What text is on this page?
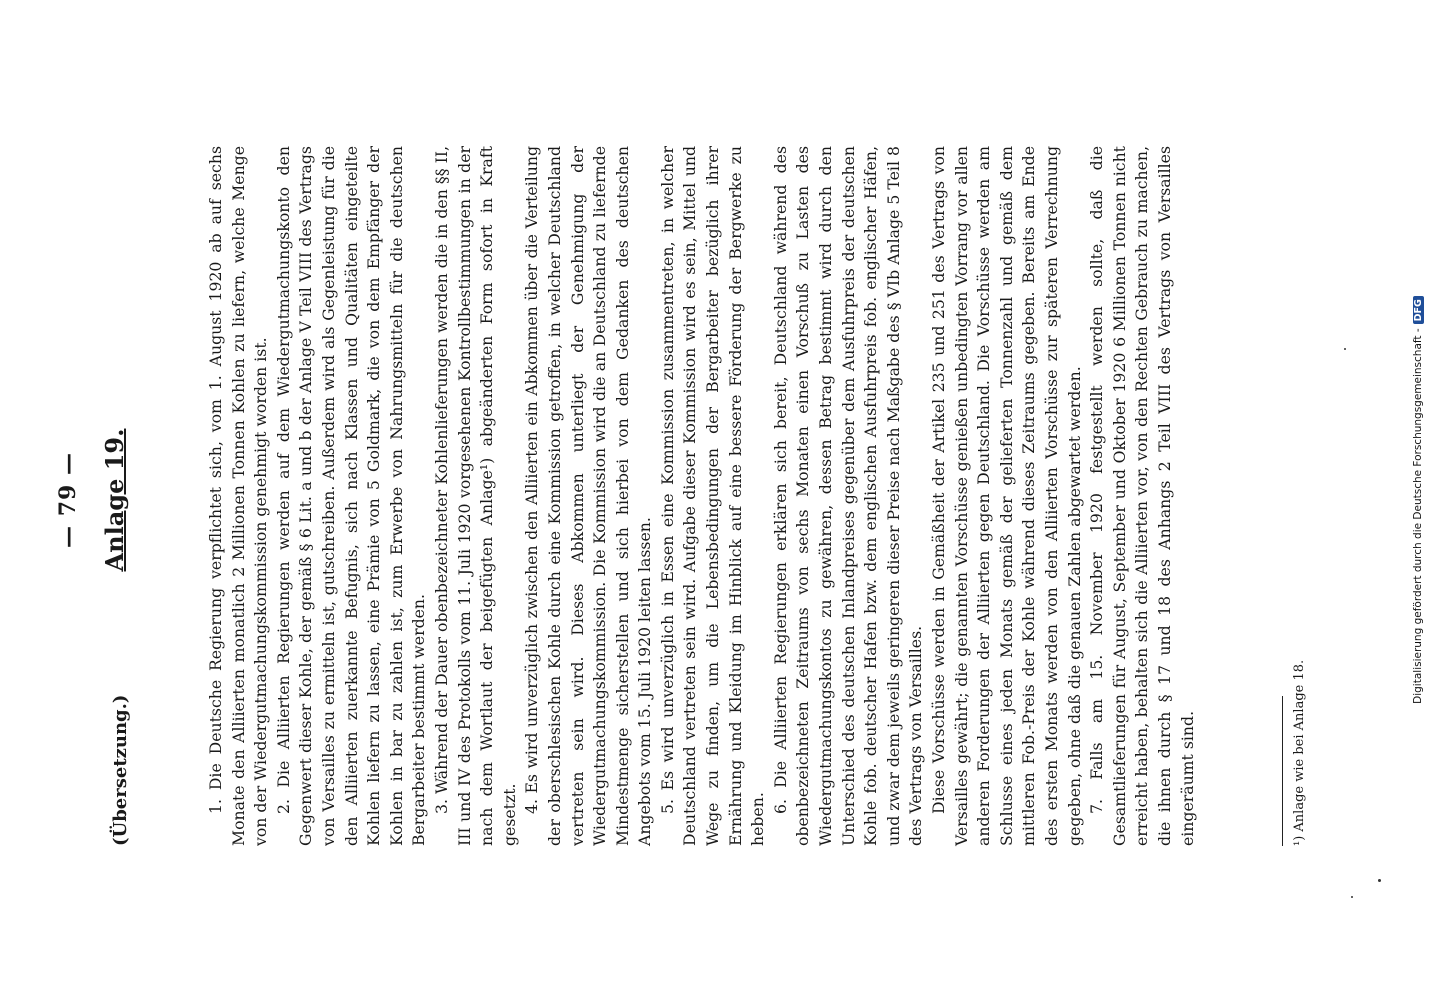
— 79 —
(Übersetzung.)
Anlage 19.	1. Die Deutsche Regierung verpflichtet sich, vom 1. August 1920 ab auf sechs Monate den Alliierten monatlich 2 Millionen Tonnen Kohlen zu liefern, welche Menge von der Wiedergutmachungskommission genehmigt worden ist. 2. Die Alliierten Regierungen werden auf dem Wiedergutmachungskonto den Gegenwert dieser Kohle, der gemäß § 6 Lit. a und b der Anlage V Teil VIII des Vertrags von Versailles zu ermitteln ist, gutschreiben. Außerdem wird als Gegenleistung für die den Alliierten zuerkannte Befugnis, sich nach Klassen und Qualitäten eingeteilte Kohlen liefern zu lassen, eine Prämie von 5 Goldmark, die von dem Empfänger der Kohlen in bar zu zahlen ist, zum Erwerbe von Nahrungsmitteln für die deutschen Bergarbeiter bestimmt werden. 3. Während der Dauer obenbezeichneter Kohlenlieferungen werden die in den §§ II, III und IV des Protokolls vom 11. Juli 1920 vorgesehenen Kontrollbestimmungen in der nach dem Wortlaut der beigefügten Anlage¹) abgeänderten Form sofort in Kraft gesetzt.

4. Es wird unverzüglich zwischen den Alliierten ein Abkommen über die Verteilung der oberschlesischen Kohle durch eine Kommission getroffen, in welcher Deutschland vertreten sein wird. Dieses Abkommen unterliegt der Genehmigung der Wiedergutmachungskommission. Die Kommission wird die an Deutschland zu liefernde Mindestmenge sicherstellen und sich hierbei von dem Gedanken des deutschen Angebots vom 15. Juli 1920 leiten lassen. 5. Es wird unverzüglich in Essen eine Kommission zusammentreten, in welcher Deutschland vertreten sein wird. Aufgabe dieser Kommission wird es sein, Mittel und Wege zu finden, um die Lebensbedingungen der Bergarbeiter bezüglich ihrer Ernährung und Kleidung im Hinblick auf eine bessere Förderung der Bergwerke zu heben.

6. Die Alliierten Regierungen erklären sich bereit, Deutschland während des obenbezeichneten Zeitraums von sechs Monaten einen Vorschuß zu Lasten des Wiedergutmachungskontos zu gewähren, dessen Betrag bestimmt wird durch den Unterschied des deutschen Inlandpreises gegenüber dem Ausfuhrpreis der deutschen Kohle fob. deutscher Hafen bzw. dem englischen Ausfuhrpreis fob. englischer Häfen, und zwar dem jeweils geringeren dieser Preise nach Maßgabe des § VIb Anlage 5 Teil 8 des Vertrags von Versailles. Diese Vorschüsse werden in Gemäßheit der Artikel 235 und 251 des Vertrags von Versailles gewährt; die genannten Vorschüsse genießen unbedingten Vorrang vor allen anderen Forderungen der Alliierten gegen Deutschland. Die Vorschüsse werden am Schlusse eines jeden Monats gemäß der gelieferten Tonnenzahl und gemäß dem mittleren Fob.-Preis der Kohle während dieses Zeitraums gegeben. Bereits am Ende des ersten Monats werden von den Alliierten Vorschüsse zur späteren Verrechnung gegeben, ohne daß die genauen Zahlen abgewartet werden. 7. Falls am 15. November 1920 festgestellt werden sollte, daß die Gesamtlieferungen für August, September und Oktober 1920 6 Millionen Tonnen nicht erreicht haben, behalten sich die Alliierten vor, von den Rechten Gebrauch zu machen, die ihnen durch § 17 und 18 des Anhangs 2 Teil VIII des Vertrags von Versailles eingeräumt sind.	¹) Anlage wie bei Anlage 18.
Digitalisierung gefördert durch die Deutsche Forschungsgemeinschaft -DFG
